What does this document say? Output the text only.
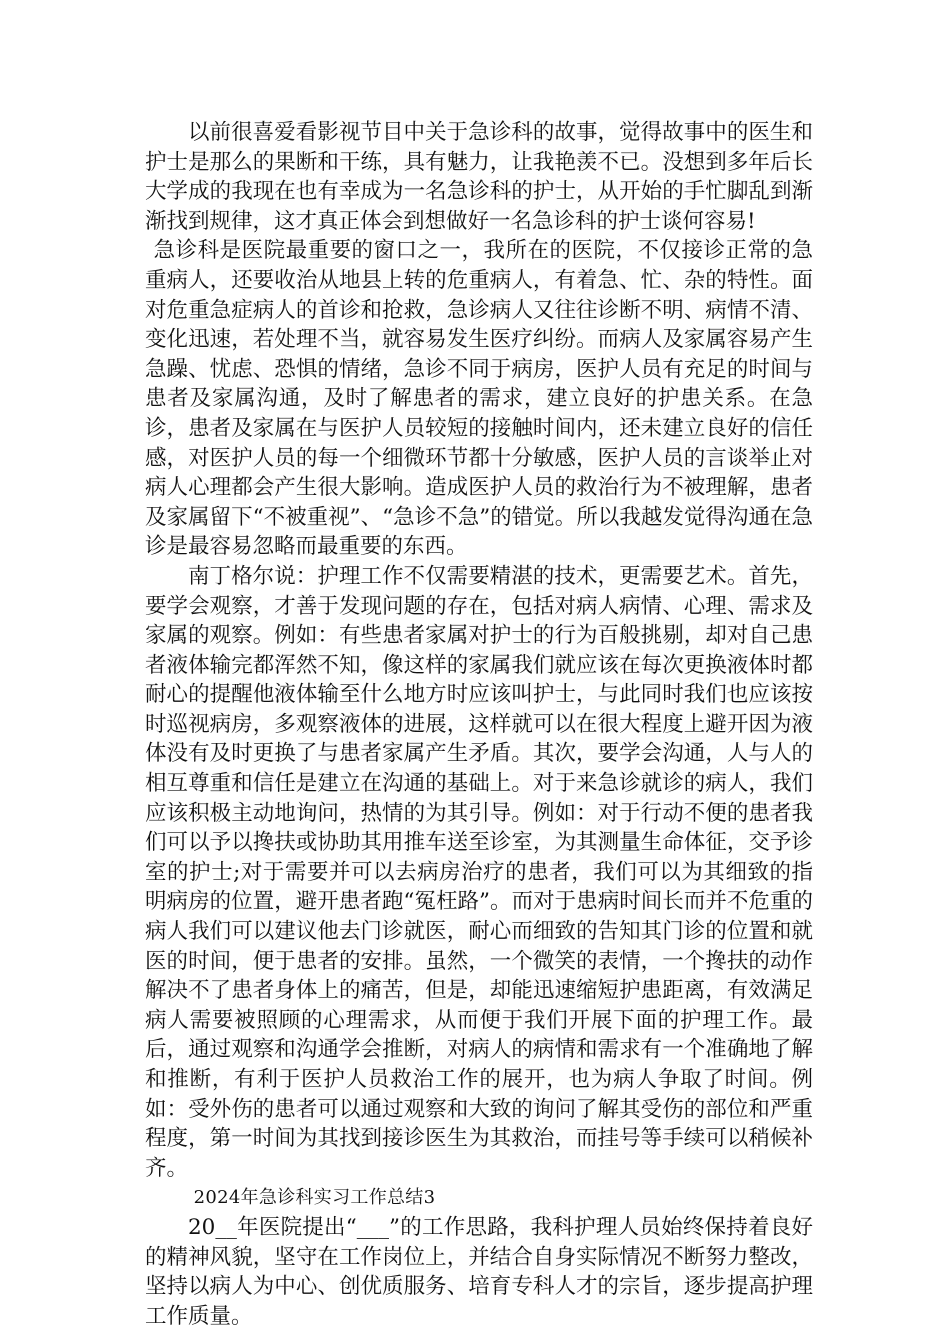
以前很喜爱看影视节目中关于急诊科的故事，觉得故事中的医生和护士是那么的果断和干练，具有魅力，让我艳羡不已。没想到多年后长大学成的我现在也有幸成为一名急诊科的护士，从开始的手忙脚乱到渐渐找到规律，这才真正体会到想做好一名急诊科的护士谈何容易!

急诊科是医院最重要的窗口之一，我所在的医院，不仅接诊正常的急重病人，还要收治从地县上转的危重病人，有着急、忙、杂的特性。面对危重急症病人的首诊和抢救，急诊病人又往往诊断不明、病情不清、变化迅速，若处理不当，就容易发生医疗纠纷。而病人及家属容易产生急躁、忧虑、恐惧的情绪，急诊不同于病房，医护人员有充足的时间与患者及家属沟通，及时了解患者的需求，建立良好的护患关系。在急诊，患者及家属在与医护人员较短的接触时间内，还未建立良好的信任感，对医护人员的每一个细微环节都十分敏感，医护人员的言谈举止对病人心理都会产生很大影响。造成医护人员的救治行为不被理解，患者及家属留下“不被重视”、“急诊不急”的错觉。所以我越发觉得沟通在急诊是最容易忽略而最重要的东西。

南丁格尔说：护理工作不仅需要精湛的技术，更需要艺术。首先，要学会观察，才善于发现问题的存在，包括对病人病情、心理、需求及家属的观察。例如：有些患者家属对护士的行为百般挑剔，却对自己患者液体输完都浑然不知，像这样的家属我们就应该在每次更换液体时都耐心的提醒他液体输至什么地方时应该叫护士，与此同时我们也应该按时巡视病房，多观察液体的进展，这样就可以在很大程度上避开因为液体没有及时更换了与患者家属产生矛盾。其次，要学会沟通，人与人的相互尊重和信任是建立在沟通的基础上。对于来急诊就诊的病人，我们应该积极主动地询问，热情的为其引导。例如：对于行动不便的患者我们可以予以搀扶或协助其用推车送至诊室，为其测量生命体征，交予诊室的护士;对于需要并可以去病房治疗的患者，我们可以为其细致的指明病房的位置，避开患者跑“冤枉路”。而对于患病时间长而并不危重的病人我们可以建议他去门诊就医，耐心而细致的告知其门诊的位置和就医的时间，便于患者的安排。虽然，一个微笑的表情，一个搀扶的动作解决不了患者身体上的痛苦，但是，却能迅速缩短护患距离，有效满足病人需要被照顾的心理需求，从而便于我们开展下面的护理工作。最后，通过观察和沟通学会推断，对病人的病情和需求有一个准确地了解和推断，有利于医护人员救治工作的展开，也为病人争取了时间。例如：受外伤的患者可以通过观察和大致的询问了解其受伤的部位和严重程度，第一时间为其找到接诊医生为其救治，而挂号等手续可以稍候补齐。

2024年急诊科实习工作总结3

20__年医院提出“___”的工作思路，我科护理人员始终保持着良好的精神风貌，坚守在工作岗位上，并结合自身实际情况不断努力整改，坚持以病人为中心、创优质服务、培育专科人才的宗旨，逐步提高护理工作质量。
